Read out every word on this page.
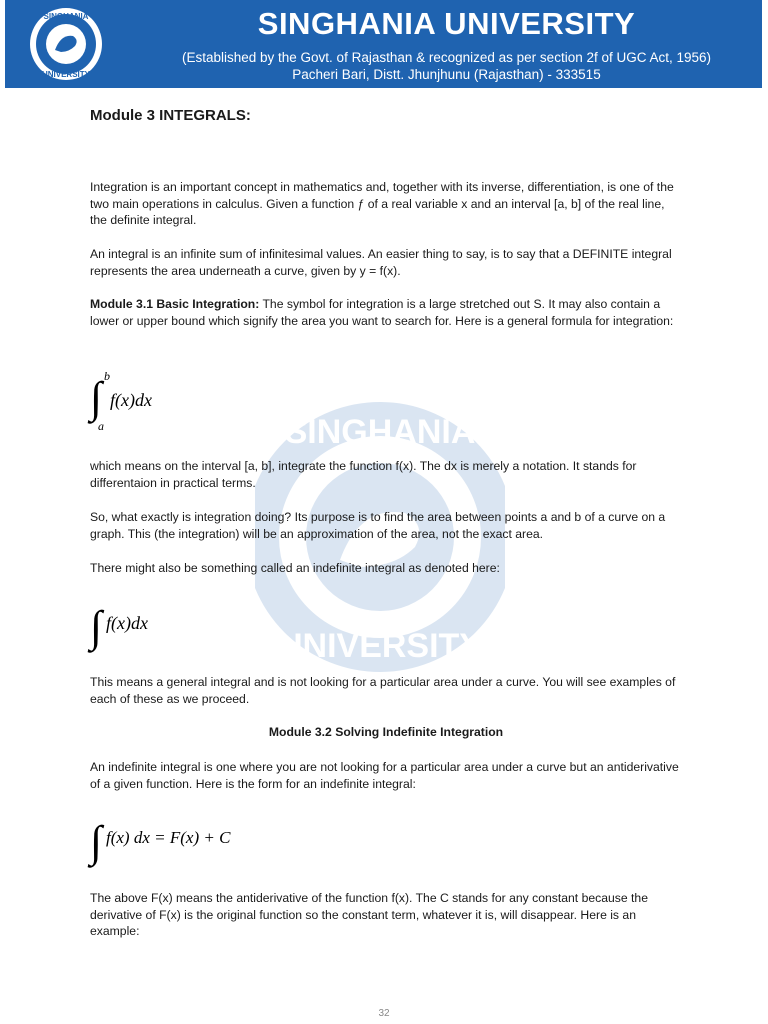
SINGHANIA
UNIVERSITY
SINGHANIA UNIVERSITY
(Established by the Govt. of Rajasthan & recognized as per section 2f of UGC Act, 1956)
Pacheri Bari, Distt. Jhunjhunu (Rajasthan) - 333515
SINGHANIA
UNIVERSITY

Module 3 INTEGRALS:

Integration is an important concept in mathematics and, together with its inverse, differentiation, is one of the two main operations in calculus. Given a function ƒ of a real variable x and an interval [a, b] of the real line, the definite integral.

An integral is an infinite sum of infinitesimal values. An easier thing to say, is to say that a DEFINITE integral represents the area underneath a curve, given by y = f(x).

Module 3.1 Basic Integration: The symbol for integration is a large stretched out S. It may also contain a lower or upper bound which signify the area you want to search for. Here is a general formula for integration:

∫ b
a
f(x)dx

which means on the interval [a, b], integrate the function f(x). The dx is merely a notation. It stands for differentaion in practical terms.

So, what exactly is integration doing? Its purpose is to find the area between points a and b of a curve on a graph. This (the integration) will be an approximation of the area, not the exact area.

There might also be something called an indefinite integral as denoted here:

∫ f(x)dx

This means a general integral and is not looking for a particular area under a curve. You will see examples of each of these as we proceed.

Module 3.2 Solving Indefinite Integration

An indefinite integral is one where you are not looking for a particular area under a curve but an antiderivative of a given function. Here is the form for an indefinite integral:

∫ f(x) dx = F(x) + C

The above F(x) means the antiderivative of the function f(x). The C stands for any constant because the derivative of F(x) is the original function so the constant term, whatever it is, will disappear. Here is an example:

32
